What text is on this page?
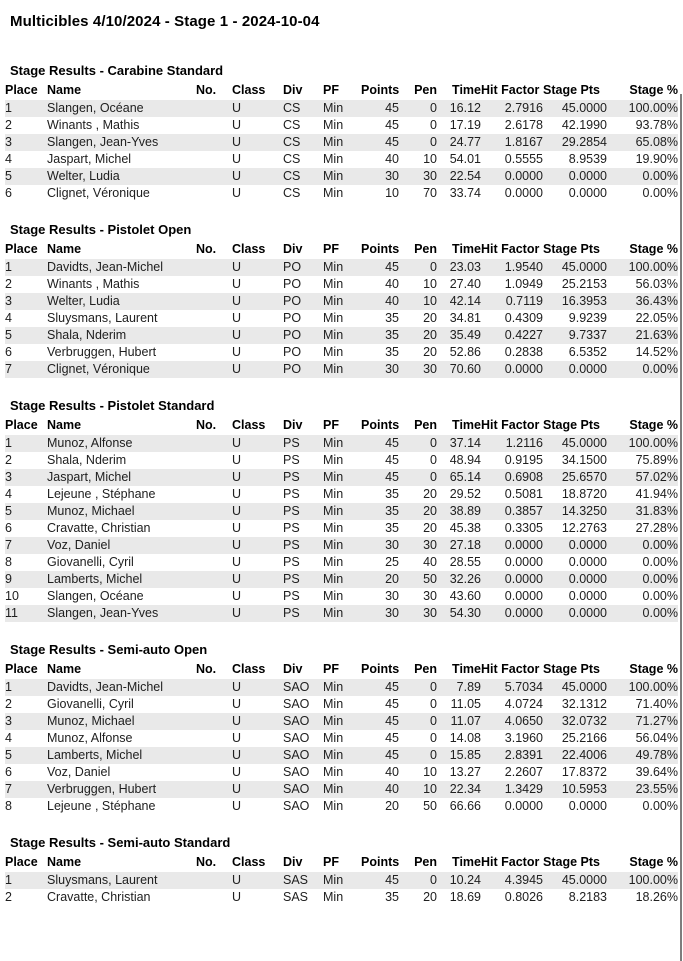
Multicibles 4/10/2024 - Stage 1 - 2024-10-04
Stage Results - Carabine Standard
Place	Name	No.	Class	Div	PF	Points	Pen	Time	Hit Factor	Stage Pts	Stage %
1	Slangen, Océane		U	CS	Min	45	0	16.12	2.7916	45.0000	100.00%
2	Winants , Mathis		U	CS	Min	45	0	17.19	2.6178	42.1990	93.78%
3	Slangen, Jean-Yves		U	CS	Min	45	0	24.77	1.8167	29.2854	65.08%
4	Jaspart, Michel		U	CS	Min	40	10	54.01	0.5555	8.9539	19.90%
5	Welter, Ludia		U	CS	Min	30	30	22.54	0.0000	0.0000	0.00%
6	Clignet, Véronique		U	CS	Min	10	70	33.74	0.0000	0.0000	0.00%
Stage Results - Pistolet Open
Place	Name	No.	Class	Div	PF	Points	Pen	Time	Hit Factor	Stage Pts	Stage %
1	Davidts, Jean-Michel		U	PO	Min	45	0	23.03	1.9540	45.0000	100.00%
2	Winants , Mathis		U	PO	Min	40	10	27.40	1.0949	25.2153	56.03%
3	Welter, Ludia		U	PO	Min	40	10	42.14	0.7119	16.3953	36.43%
4	Sluysmans, Laurent		U	PO	Min	35	20	34.81	0.4309	9.9239	22.05%
5	Shala, Nderim		U	PO	Min	35	20	35.49	0.4227	9.7337	21.63%
6	Verbruggen, Hubert		U	PO	Min	35	20	52.86	0.2838	6.5352	14.52%
7	Clignet, Véronique		U	PO	Min	30	30	70.60	0.0000	0.0000	0.00%
Stage Results - Pistolet Standard
Place	Name	No.	Class	Div	PF	Points	Pen	Time	Hit Factor	Stage Pts	Stage %
1	Munoz, Alfonse		U	PS	Min	45	0	37.14	1.2116	45.0000	100.00%
2	Shala, Nderim		U	PS	Min	45	0	48.94	0.9195	34.1500	75.89%
3	Jaspart, Michel		U	PS	Min	45	0	65.14	0.6908	25.6570	57.02%
4	Lejeune , Stéphane		U	PS	Min	35	20	29.52	0.5081	18.8720	41.94%
5	Munoz, Michael		U	PS	Min	35	20	38.89	0.3857	14.3250	31.83%
6	Cravatte, Christian		U	PS	Min	35	20	45.38	0.3305	12.2763	27.28%
7	Voz, Daniel		U	PS	Min	30	30	27.18	0.0000	0.0000	0.00%
8	Giovanelli, Cyril		U	PS	Min	25	40	28.55	0.0000	0.0000	0.00%
9	Lamberts, Michel		U	PS	Min	20	50	32.26	0.0000	0.0000	0.00%
10	Slangen, Océane		U	PS	Min	30	30	43.60	0.0000	0.0000	0.00%
11	Slangen, Jean-Yves		U	PS	Min	30	30	54.30	0.0000	0.0000	0.00%
Stage Results - Semi-auto Open
Place	Name	No.	Class	Div	PF	Points	Pen	Time	Hit Factor	Stage Pts	Stage %
1	Davidts, Jean-Michel		U	SAO	Min	45	0	7.89	5.7034	45.0000	100.00%
2	Giovanelli, Cyril		U	SAO	Min	45	0	11.05	4.0724	32.1312	71.40%
3	Munoz, Michael		U	SAO	Min	45	0	11.07	4.0650	32.0732	71.27%
4	Munoz, Alfonse		U	SAO	Min	45	0	14.08	3.1960	25.2166	56.04%
5	Lamberts, Michel		U	SAO	Min	45	0	15.85	2.8391	22.4006	49.78%
6	Voz, Daniel		U	SAO	Min	40	10	13.27	2.2607	17.8372	39.64%
7	Verbruggen, Hubert		U	SAO	Min	40	10	22.34	1.3429	10.5953	23.55%
8	Lejeune , Stéphane		U	SAO	Min	20	50	66.66	0.0000	0.0000	0.00%
Stage Results - Semi-auto Standard
Place	Name	No.	Class	Div	PF	Points	Pen	Time	Hit Factor	Stage Pts	Stage %
1	Sluysmans, Laurent		U	SAS	Min	45	0	10.24	4.3945	45.0000	100.00%
2	Cravatte, Christian		U	SAS	Min	35	20	18.69	0.8026	8.2183	18.26%
